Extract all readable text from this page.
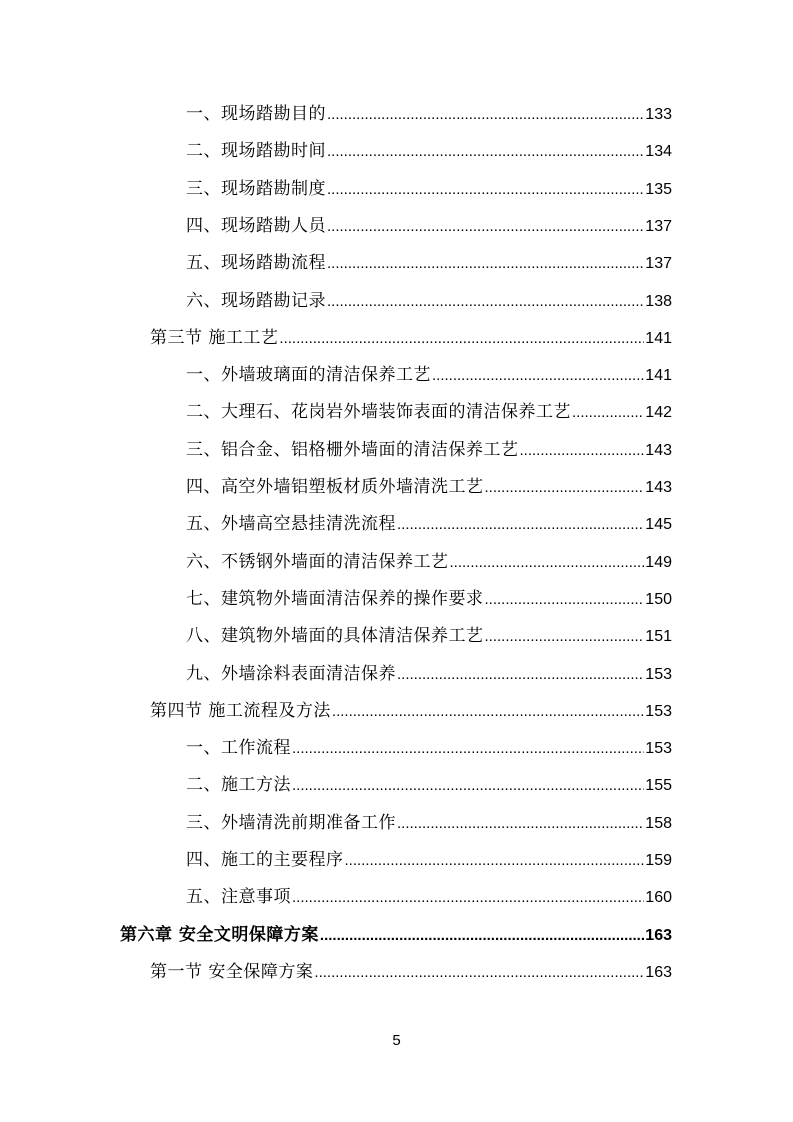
一、现场踏勘目的 .....	133
二、现场踏勘时间 .....	134
三、现场踏勘制度 .....	135
四、现场踏勘人员 .....	137
五、现场踏勘流程 .....	137
六、现场踏勘记录 .....	138
第三节 施工工艺 .....	141
一、外墙玻璃面的清洁保养工艺 .....	141
二、大理石、花岗岩外墙装饰表面的清洁保养工艺 .....	142
三、铝合金、铝格栅外墙面的清洁保养工艺 .....	143
四、高空外墙铝塑板材质外墙清洗工艺 .....	143
五、外墙高空悬挂清洗流程 .....	145
六、不锈钢外墙面的清洁保养工艺 .....	149
七、建筑物外墙面清洁保养的操作要求 .....	150
八、建筑物外墙面的具体清洁保养工艺 .....	151
九、外墙涂料表面清洁保养 .....	153
第四节 施工流程及方法 .....	153
一、工作流程 .....	153
二、施工方法 .....	155
三、外墙清洗前期准备工作 .....	158
四、施工的主要程序 .....	159
五、注意事项 .....	160
第六章 安全文明保障方案 .....	163
第一节 安全保障方案 .....	163
5
